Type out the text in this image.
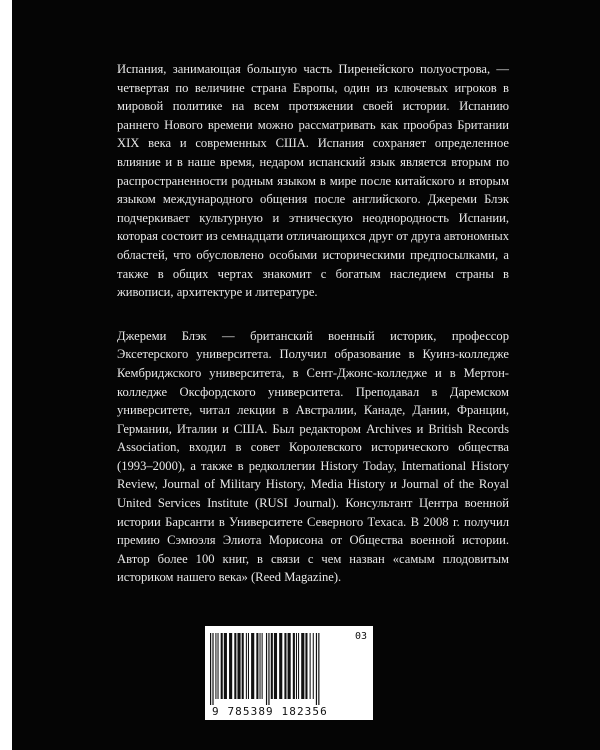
Испания, занимающая большую часть Пиренейского полуострова, — четвертая по величине страна Европы, один из ключевых игроков в мировой политике на всем протяжении своей истории. Испанию раннего Нового времени можно рассматривать как прообраз Британии XIX века и современных США. Испания сохраняет определенное влияние и в наше время, недаром испанский язык является вторым по распространенности родным языком в мире после китайского и вторым языком международного общения после английского. Джереми Блэк подчеркивает культурную и этническую неоднородность Испании, которая состоит из семнадцати отличающихся друг от друга автономных областей, что обусловлено особыми историческими предпосылками, а также в общих чертах знакомит с богатым наследием страны в живописи, архитектуре и литературе.

Джереми Блэк — британский военный историк, профессор Эксетерского университета. Получил образование в Куинз-колледже Кембриджского университета, в Сент-Джонс-колледже и в Мертон-колледже Оксфордского университета. Преподавал в Даремском университете, читал лекции в Австралии, Канаде, Дании, Франции, Германии, Италии и США. Был редактором Archives и British Records Association, входил в совет Королевского исторического общества (1993–2000), а также в редколлегии History Today, International History Review, Journal of Military History, Media History и Journal of the Royal United Services Institute (RUSI Journal). Консультант Центра военной истории Барсанти в Университете Северного Техаса. В 2008 г. получил премию Сэмюэля Элиота Морисона от Общества военной истории. Автор более 100 книг, в связи с чем назван «самым плодовитым историком нашего века» (Reed Magazine).

9 785389 182356
03
